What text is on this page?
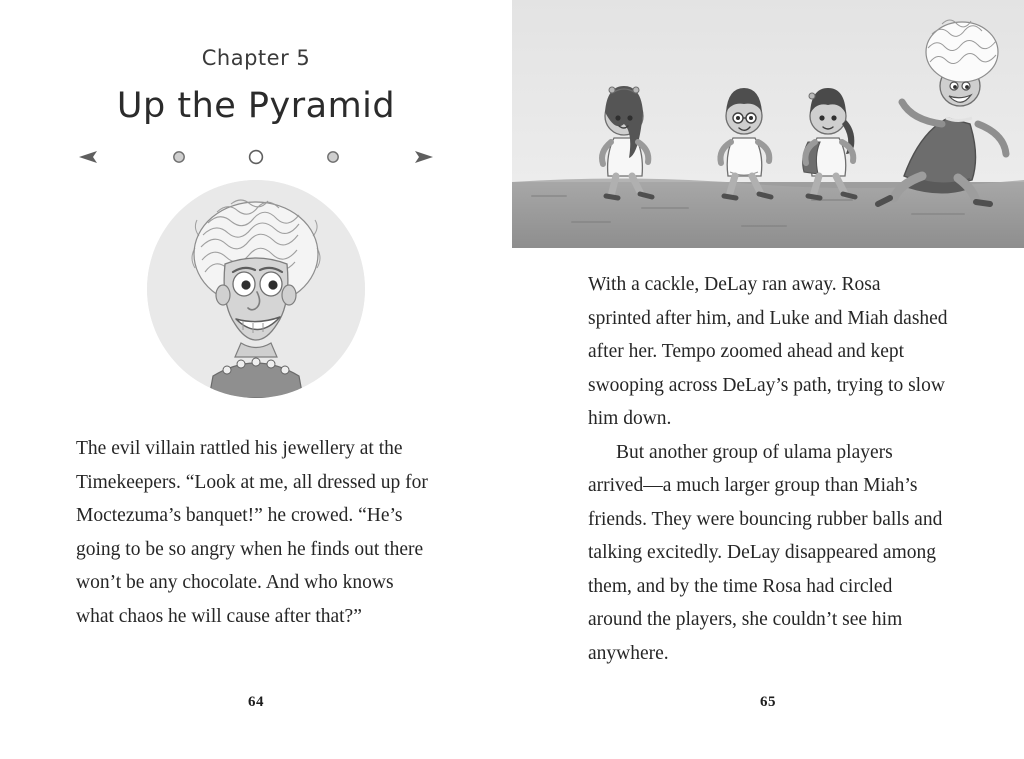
Chapter 5
Up the Pyramid

The evil villain rattled his jewellery at the Timekeepers. “Look at me, all dressed up for Moctezuma’s banquet!” he crowed. “He’s going to be so angry when he finds out there won’t be any chocolate. And who knows what chaos he will cause after that?”

64

With a cackle, DeLay ran away. Rosa sprinted after him, and Luke and Miah dashed after her. Tempo zoomed ahead and kept swooping across DeLay’s path, trying to slow him down.

But another group of ulama players arrived—a much larger group than Miah’s friends. They were bouncing rubber balls and talking excitedly. DeLay disappeared among them, and by the time Rosa had circled around the players, she couldn’t see him anywhere.

65
